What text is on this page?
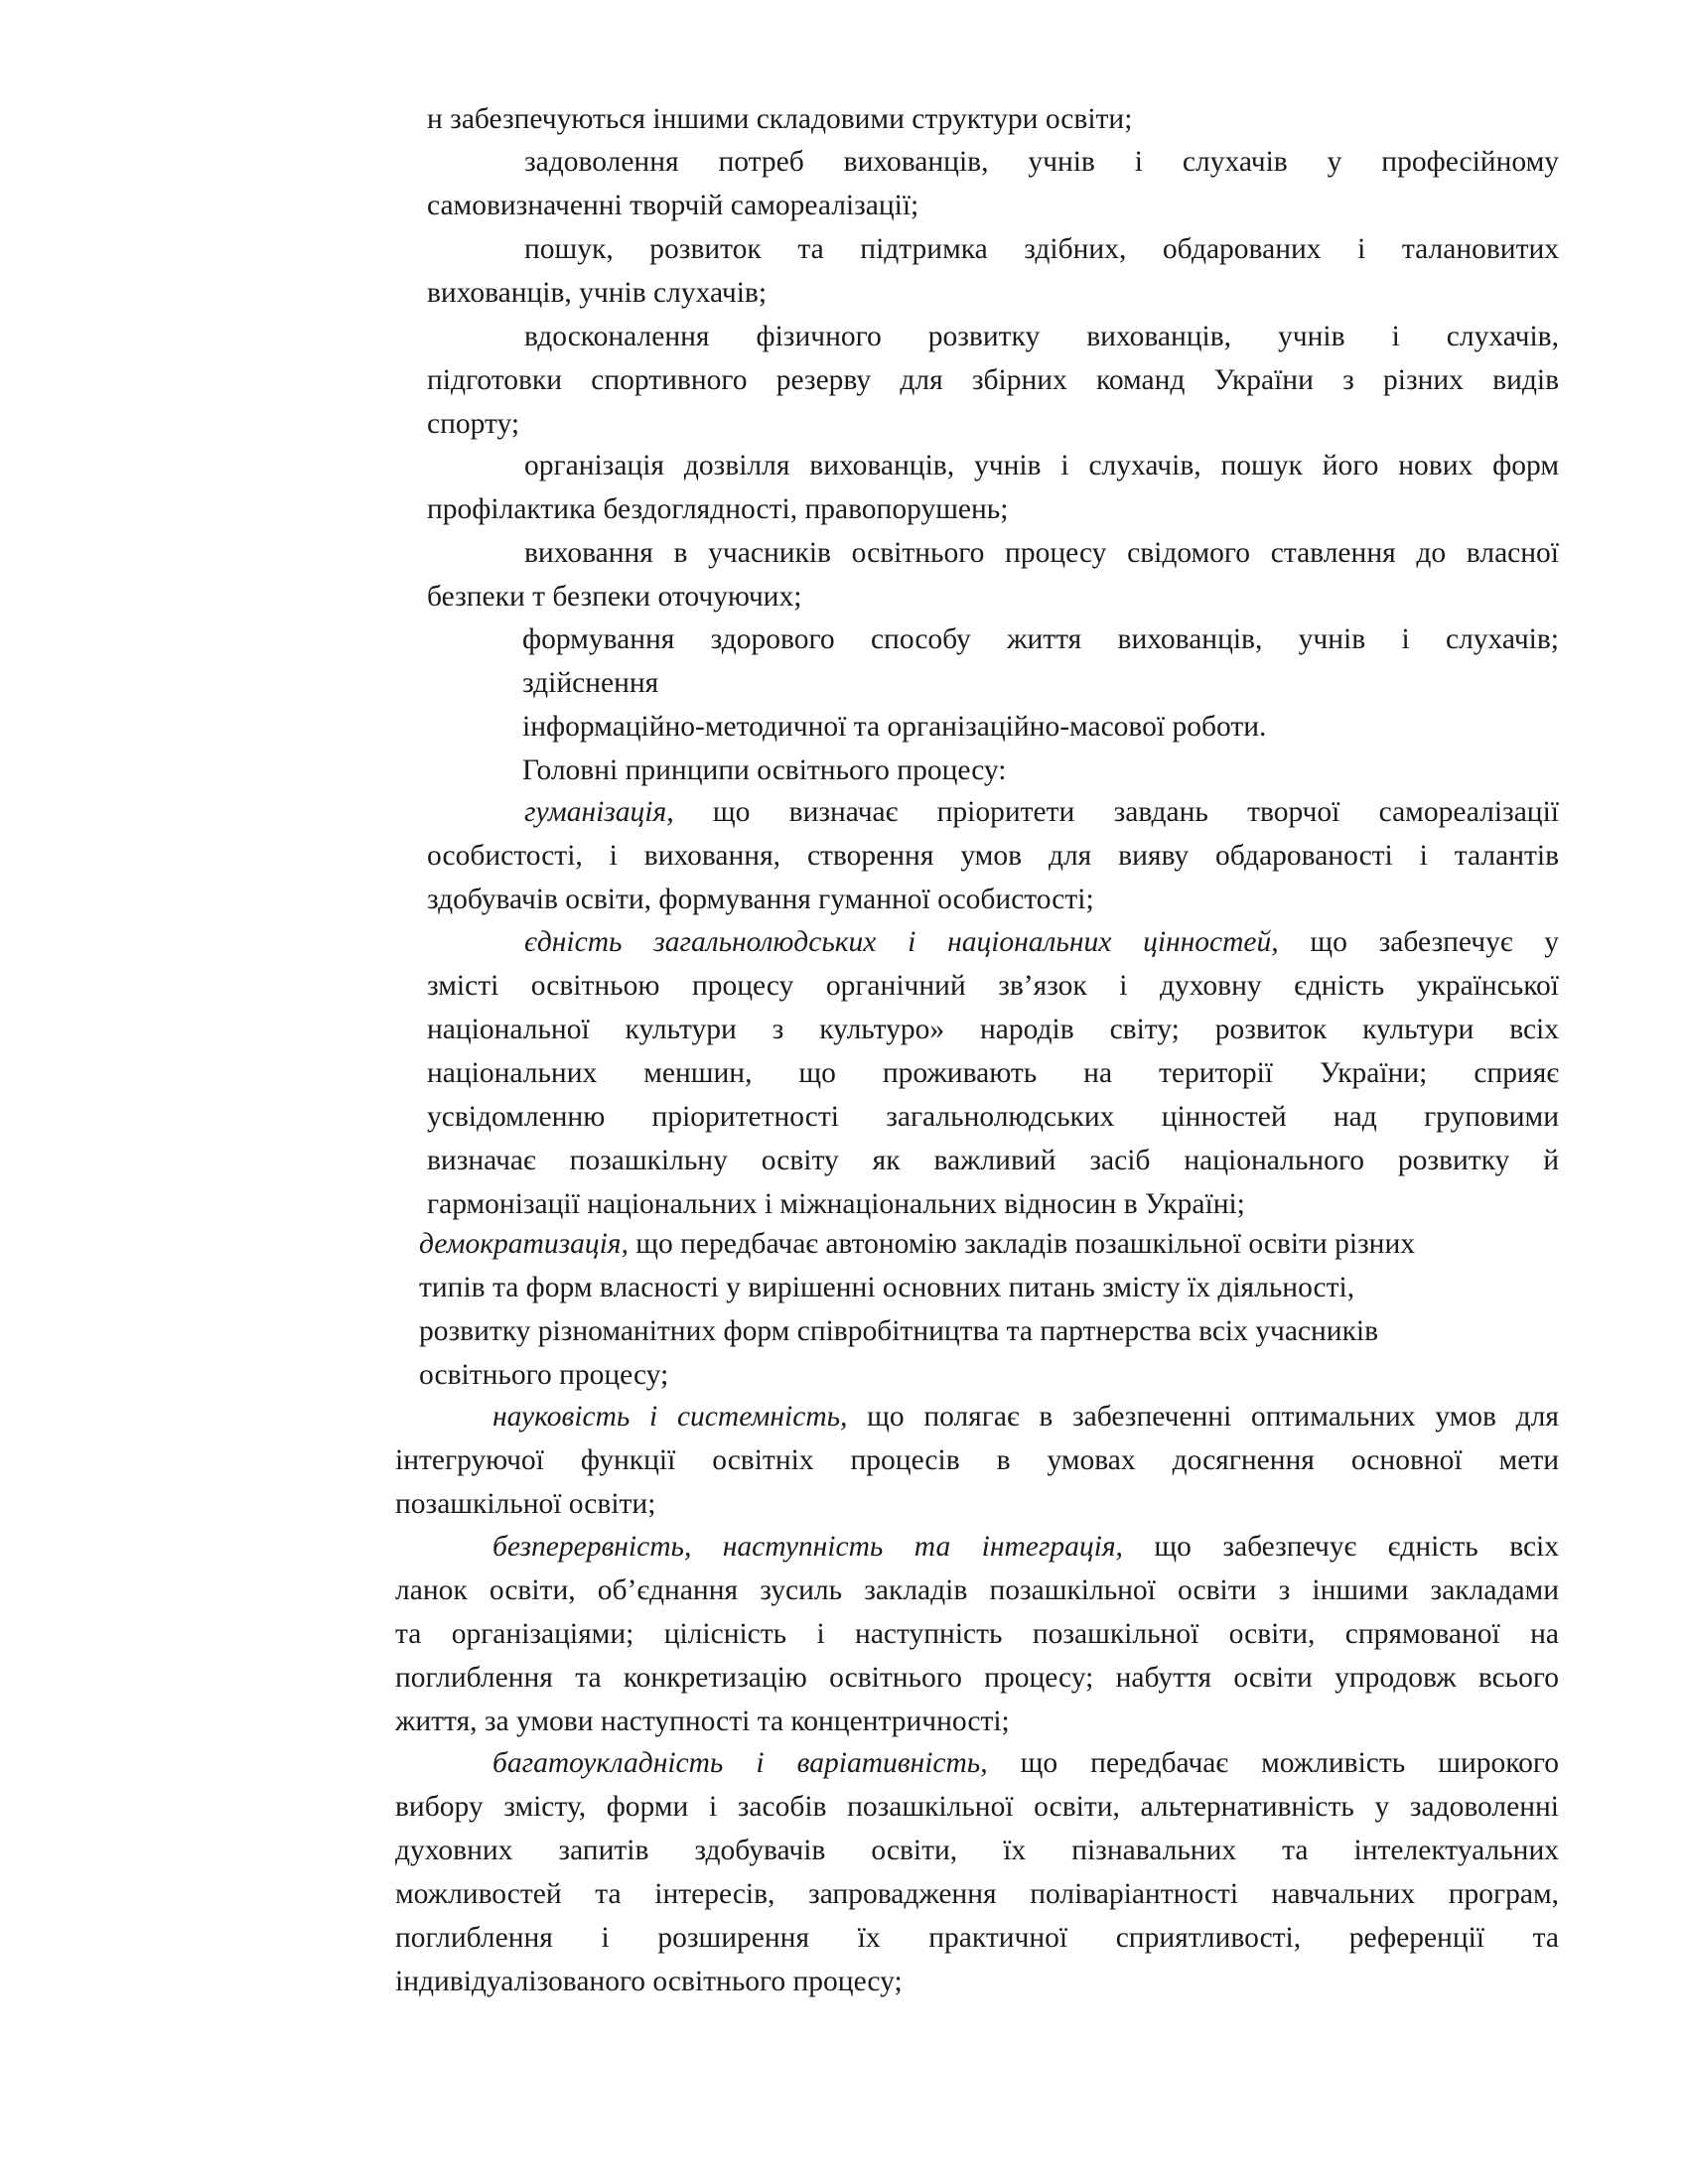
н забезпечуються іншими складовими структури освіти;
задоволення потреб вихованців, учнів і слухачів у професійному
самовизначенні творчій самореалізації;
пошук, розвиток та підтримка здібних, обдарованих і талановитих
вихованців, учнів слухачів;
вдосконалення фізичного розвитку вихованців, учнів і слухачів,
підготовки спортивного резерву для збірних команд України з різних видів
спорту;
організація дозвілля вихованців, учнів і слухачів, пошук його нових форм
профілактика бездоглядності, правопорушень;
виховання в учасників освітнього процесу свідомого ставлення до власної
безпеки т безпеки оточуючих;
формування здорового способу життя вихованців, учнів і слухачів;
здійснення
інформаційно-методичної та організаційно-масової роботи.
Головні принципи освітнього процесу:
гуманізація, що визначає пріоритети завдань творчої самореалізації
особистості, і виховання, створення умов для вияву обдарованості і талантів
здобувачів освіти, формування гуманної особистості;
єдність загальнолюдських і національних цінностей, що забезпечує у
змісті освітньою процесу органічний зв’язок і духовну єдність української
національної культури з культуро» народів світу; розвиток культури всіх
національних меншин, що проживають на території України; сприяє
усвідомленню пріоритетності загальнолюдських цінностей над груповими
визначає позашкільну освіту як важливий засіб національного розвитку й
гармонізації національних і міжнаціональних відносин в Україні;
демократизація, що передбачає автономію закладів позашкільної освіти різних
типів та форм власності у вирішенні основних питань змісту їх діяльності,
розвитку різноманітних форм співробітництва та партнерства всіх учасників
освітнього процесу;
науковість і системність, що полягає в забезпеченні оптимальних умов для
інтегруючої функції освітніх процесів в умовах досягнення основної мети
позашкільної освіти;
безперервність, наступність та інтеграція, що забезпечує єдність всіх
ланок освіти, об’єднання зусиль закладів позашкільної освіти з іншими закладами
та організаціями; цілісність і наступність позашкільної освіти, спрямованої на
поглиблення та конкретизацію освітнього процесу; набуття освіти упродовж всього
життя, за умови наступності та концентричності;
багатоукладність і варіативність, що передбачає можливість широкого
вибору змісту, форми і засобів позашкільної освіти, альтернативність у задоволенні
духовних запитів здобувачів освіти, їх пізнавальних та інтелектуальних
можливостей та інтересів, запровадження поліваріантності навчальних програм,
поглиблення і розширення їх практичної сприятливості, референції та
індивідуалізованого освітнього процесу;
